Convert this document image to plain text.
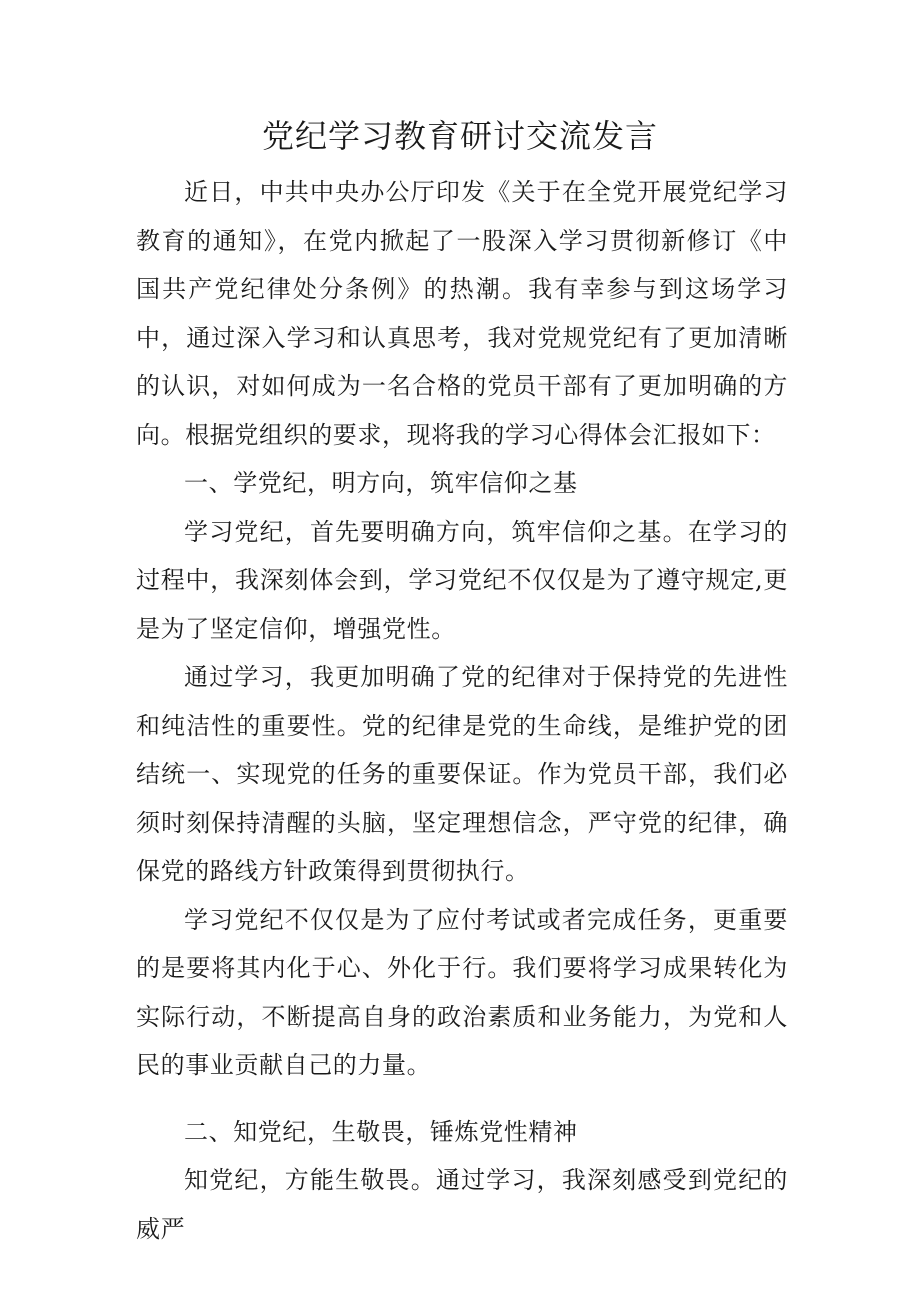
党纪学习教育研讨交流发言

近日，中共中央办公厅印发《关于在全党开展党纪学习教育的通知》，在党内掀起了一股深入学习贯彻新修订《中国共产党纪律处分条例》的热潮。我有幸参与到这场学习中，通过深入学习和认真思考，我对党规党纪有了更加清晰的认识，对如何成为一名合格的党员干部有了更加明确的方向。根据党组织的要求，现将我的学习心得体会汇报如下：

一、学党纪，明方向，筑牢信仰之基

学习党纪，首先要明确方向，筑牢信仰之基。在学习的过程中，我深刻体会到，学习党纪不仅仅是为了遵守规定,更是为了坚定信仰，增强党性。

通过学习，我更加明确了党的纪律对于保持党的先进性和纯洁性的重要性。党的纪律是党的生命线，是维护党的团结统一、实现党的任务的重要保证。作为党员干部，我们必须时刻保持清醒的头脑，坚定理想信念，严守党的纪律，确保党的路线方针政策得到贯彻执行。

学习党纪不仅仅是为了应付考试或者完成任务，更重要的是要将其内化于心、外化于行。我们要将学习成果转化为实际行动，不断提高自身的政治素质和业务能力，为党和人民的事业贡献自己的力量。

二、知党纪，生敬畏，锤炼党性精神

知党纪，方能生敬畏。通过学习，我深刻感受到党纪的威严
